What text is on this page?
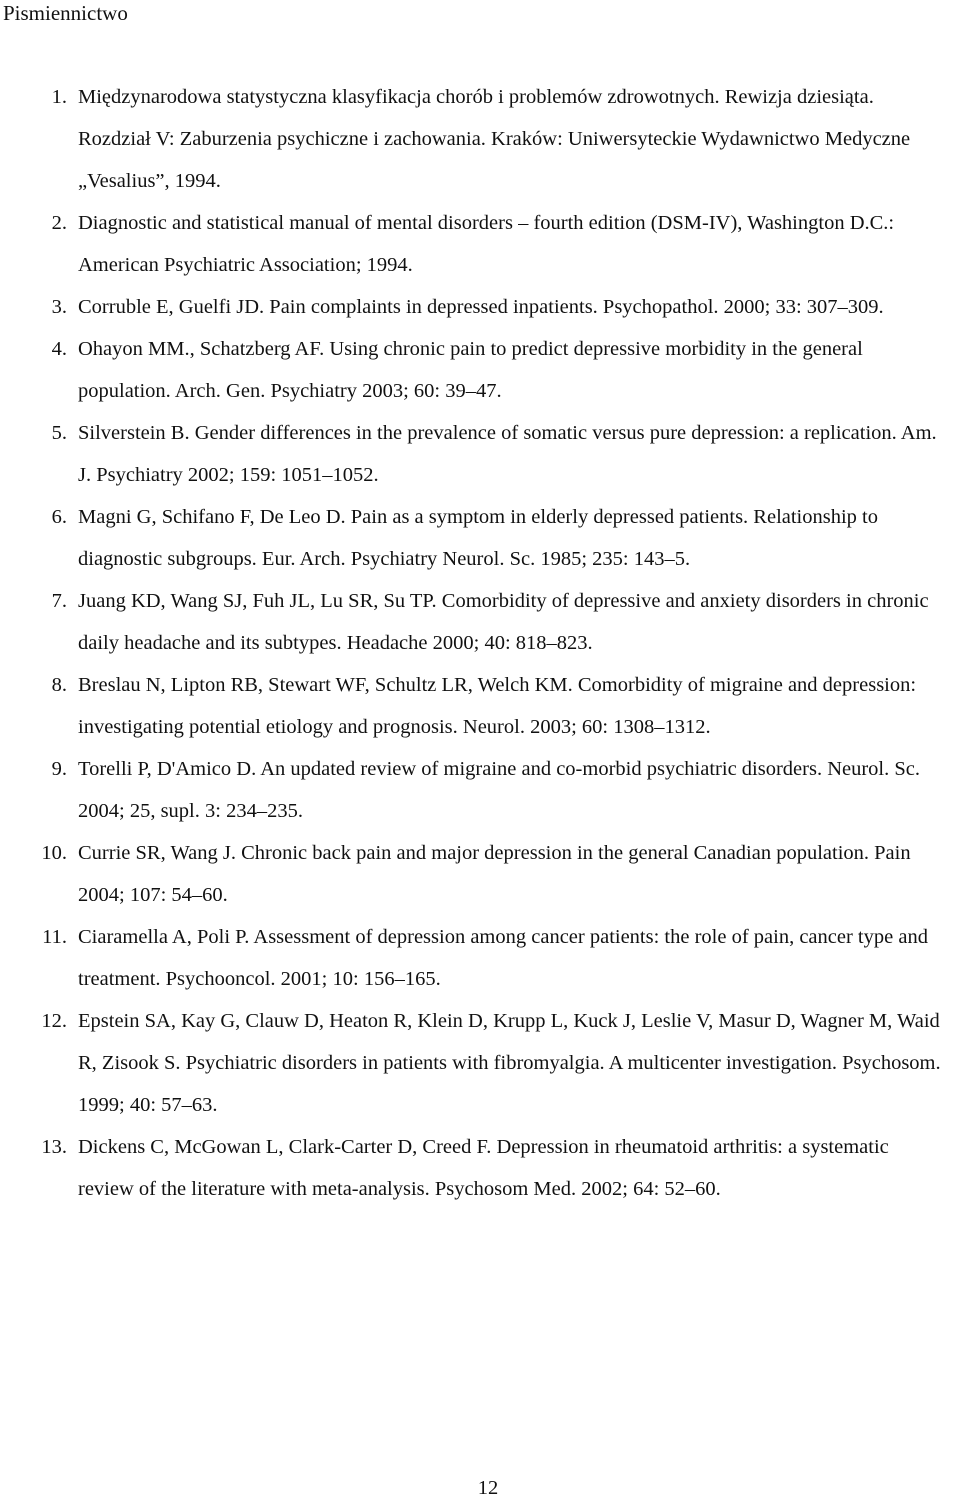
Pismiennictwo
1. Międzynarodowa statystyczna klasyfikacja chorób i problemów zdrowotnych. Rewizja dziesiąta. Rozdział V: Zaburzenia psychiczne i zachowania. Kraków: Uniwersyteckie Wydawnictwo Medyczne „Vesalius”, 1994.
2. Diagnostic and statistical manual of mental disorders – fourth edition (DSM-IV), Washington D.C.: American Psychiatric Association; 1994.
3. Corruble E, Guelfi JD. Pain complaints in depressed inpatients. Psychopathol. 2000; 33: 307–309.
4. Ohayon MM., Schatzberg AF. Using chronic pain to predict depressive morbidity in the general population. Arch. Gen. Psychiatry 2003; 60: 39–47.
5. Silverstein B. Gender differences in the prevalence of somatic versus pure depression: a replication. Am. J. Psychiatry 2002; 159: 1051–1052.
6. Magni G, Schifano F, De Leo D. Pain as a symptom in elderly depressed patients. Relationship to diagnostic subgroups. Eur. Arch. Psychiatry Neurol. Sc. 1985; 235: 143–5.
7. Juang KD, Wang SJ, Fuh JL, Lu SR, Su TP. Comorbidity of depressive and anxiety disorders in chronic daily headache and its subtypes. Headache 2000; 40: 818–823.
8. Breslau N, Lipton RB, Stewart WF, Schultz LR, Welch KM. Comorbidity of migraine and depression: investigating potential etiology and prognosis. Neurol. 2003; 60: 1308–1312.
9. Torelli P, D'Amico D. An updated review of migraine and co-morbid psychiatric disorders. Neurol. Sc. 2004; 25, supl. 3: 234–235.
10. Currie SR, Wang J. Chronic back pain and major depression in the general Canadian population. Pain 2004; 107: 54–60.
11. Ciaramella A, Poli P. Assessment of depression among cancer patients: the role of pain, cancer type and treatment. Psychooncol. 2001; 10: 156–165.
12. Epstein SA, Kay G, Clauw D, Heaton R, Klein D, Krupp L, Kuck J, Leslie V, Masur D, Wagner M, Waid R, Zisook S. Psychiatric disorders in patients with fibromyalgia. A multicenter investigation. Psychosom. 1999; 40: 57–63.
13. Dickens C, McGowan L, Clark-Carter D, Creed F. Depression in rheumatoid arthritis: a systematic review of the literature with meta-analysis. Psychosom Med. 2002; 64: 52–60.
12
